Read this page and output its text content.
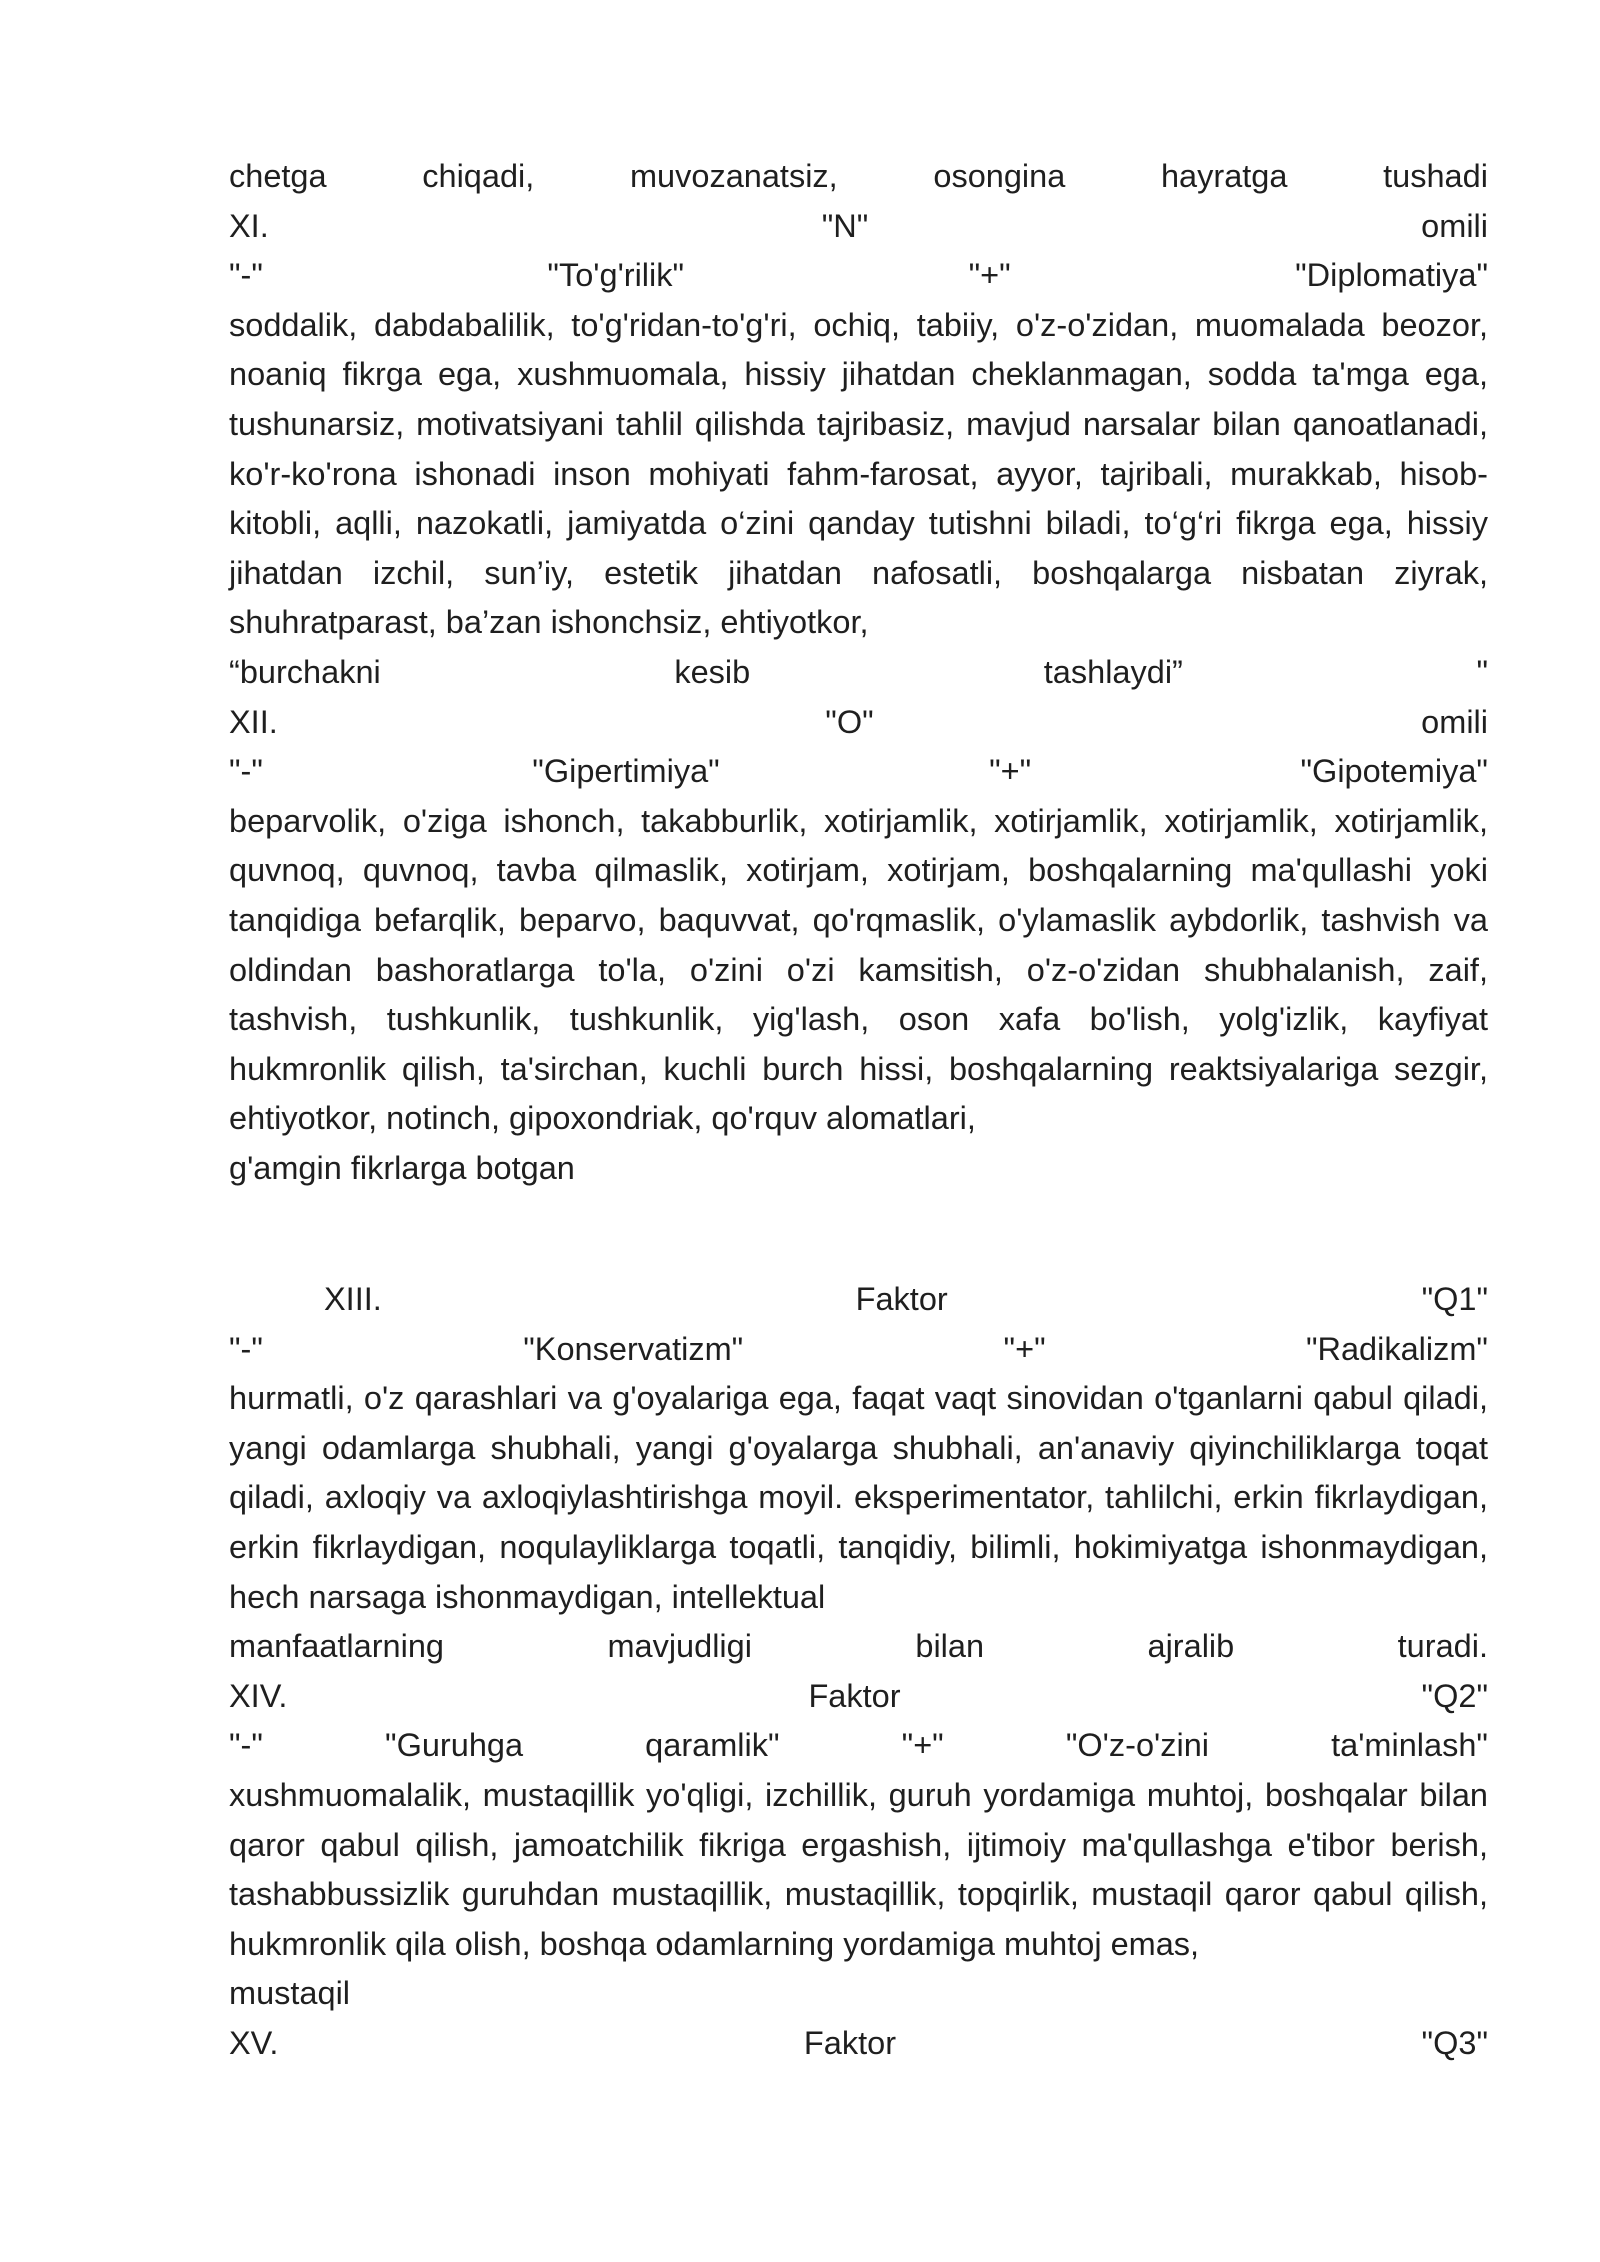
chetga	chiqadi,	muvozanatsiz,	osongina	hayratga	tushadi
XI.	"N"	omili
"-"	"To'g'rilik"	"+"	"Diplomatiya"
soddalik, dabdabalilik, to'g'ridan-to'g'ri, ochiq, tabiiy, o'z-o'zidan, muomalada beozor, noaniq fikrga ega, xushmuomala, hissiy jihatdan cheklanmagan, sodda ta'mga ega, tushunarsiz, motivatsiyani tahlil qilishda tajribasiz, mavjud narsalar bilan qanoatlanadi, ko'r-ko'rona ishonadi inson mohiyati fahm-farosat, ayyor, tajribali, murakkab, hisob-kitobli, aqlli, nazokatli, jamiyatda o‘zini qanday tutishni biladi, to‘g‘ri fikrga ega, hissiy jihatdan izchil, sun’iy, estetik jihatdan nafosatli, boshqalarga nisbatan ziyrak, shuhratparast, ba’zan ishonchsiz, ehtiyotkor,
“burchakni	kesib	tashlaydi”	"
XII.	"O"	omili
"-"	"Gipertimiya"	"+"	"Gipotemiya"
beparvolik, o'ziga ishonch, takabburlik, xotirjamlik, xotirjamlik, xotirjamlik, xotirjamlik, quvnoq, quvnoq, tavba qilmaslik, xotirjam, xotirjam, boshqalarning ma'qullashi yoki tanqidiga befarqlik, beparvo, baquvvat, qo'rqmaslik, o'ylamaslik aybdorlik, tashvish va oldindan bashoratlarga to'la, o'zini o'zi kamsitish, o'z-o'zidan shubhalanish, zaif, tashvish, tushkunlik, tushkunlik, yig'lash, oson xafa bo'lish, yolg'izlik, kayfiyat hukmronlik qilish, ta'sirchan, kuchli burch hissi, boshqalarning reaktsiyalariga sezgir, ehtiyotkor, notinch, gipoxondriak, qo'rquv alomatlari,
g'amgin fikrlarga botgan
XIII.	Faktor	"Q1"
"-"	"Konservatizm"	"+"	"Radikalizm"
hurmatli, o'z qarashlari va g'oyalariga ega, faqat vaqt sinovidan o'tganlarni qabul qiladi, yangi odamlarga shubhali, yangi g'oyalarga shubhali, an'anaviy qiyinchiliklarga toqat qiladi, axloqiy va axloqiylashtirishga moyil. eksperimentator, tahlilchi, erkin fikrlaydigan, erkin fikrlaydigan, noqulayliklarga toqatli, tanqidiy, bilimli, hokimiyatga ishonmaydigan, hech narsaga ishonmaydigan, intellektual
manfaatlarning	mavjudligi	bilan	ajralib	turadi.
XIV.	Faktor	"Q2"
"-"	"Guruhga	qaramlik"	"+"	"O'z-o'zini	ta'minlash"
xushmuomalalik, mustaqillik yo'qligi, izchillik, guruh yordamiga muhtoj, boshqalar bilan qaror qabul qilish, jamoatchilik fikriga ergashish, ijtimoiy ma'qullashga e'tibor berish, tashabbussizlik guruhdan mustaqillik, mustaqillik, topqirlik, mustaqil qaror qabul qilish, hukmronlik qila olish, boshqa odamlarning yordamiga muhtoj emas,
mustaqil
XV.	Faktor	"Q3"
